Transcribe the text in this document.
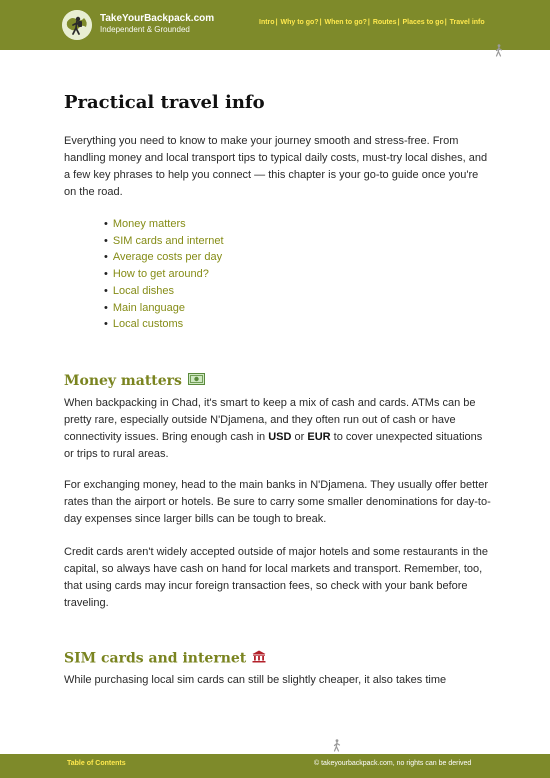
TakeYourBackpack.com
Independent & Grounded
Intro| Why to go?| When to go?| Routes| Places to go| Travel info
Practical travel info

Everything you need to know to make your journey smooth and stress-free. From handling money and local transport tips to typical daily costs, must-try local dishes, and a few key phrases to help you connect — this chapter is your go-to guide once you're on the road.

• Money matters
• SIM cards and internet
• Average costs per day
• How to get around?
• Local dishes
• Main language
• Local customs
Money matters

When backpacking in Chad, it's smart to keep a mix of cash and cards. ATMs can be pretty rare, especially outside N'Djamena, and they often run out of cash or have connectivity issues. Bring enough cash in USD or EUR to cover unexpected situations or trips to rural areas.

For exchanging money, head to the main banks in N'Djamena. They usually offer better rates than the airport or hotels. Be sure to carry some smaller denominations for day-to-day expenses since larger bills can be tough to break.

Credit cards aren't widely accepted outside of major hotels and some restaurants in the capital, so always have cash on hand for local markets and transport. Remember, too, that using cards may incur foreign transaction fees, so check with your bank before traveling.

SIM cards and internet

While purchasing local sim cards can still be slightly cheaper, it also takes time

Table of Contents	© takeyourbackpack.com, no rights can be derived
